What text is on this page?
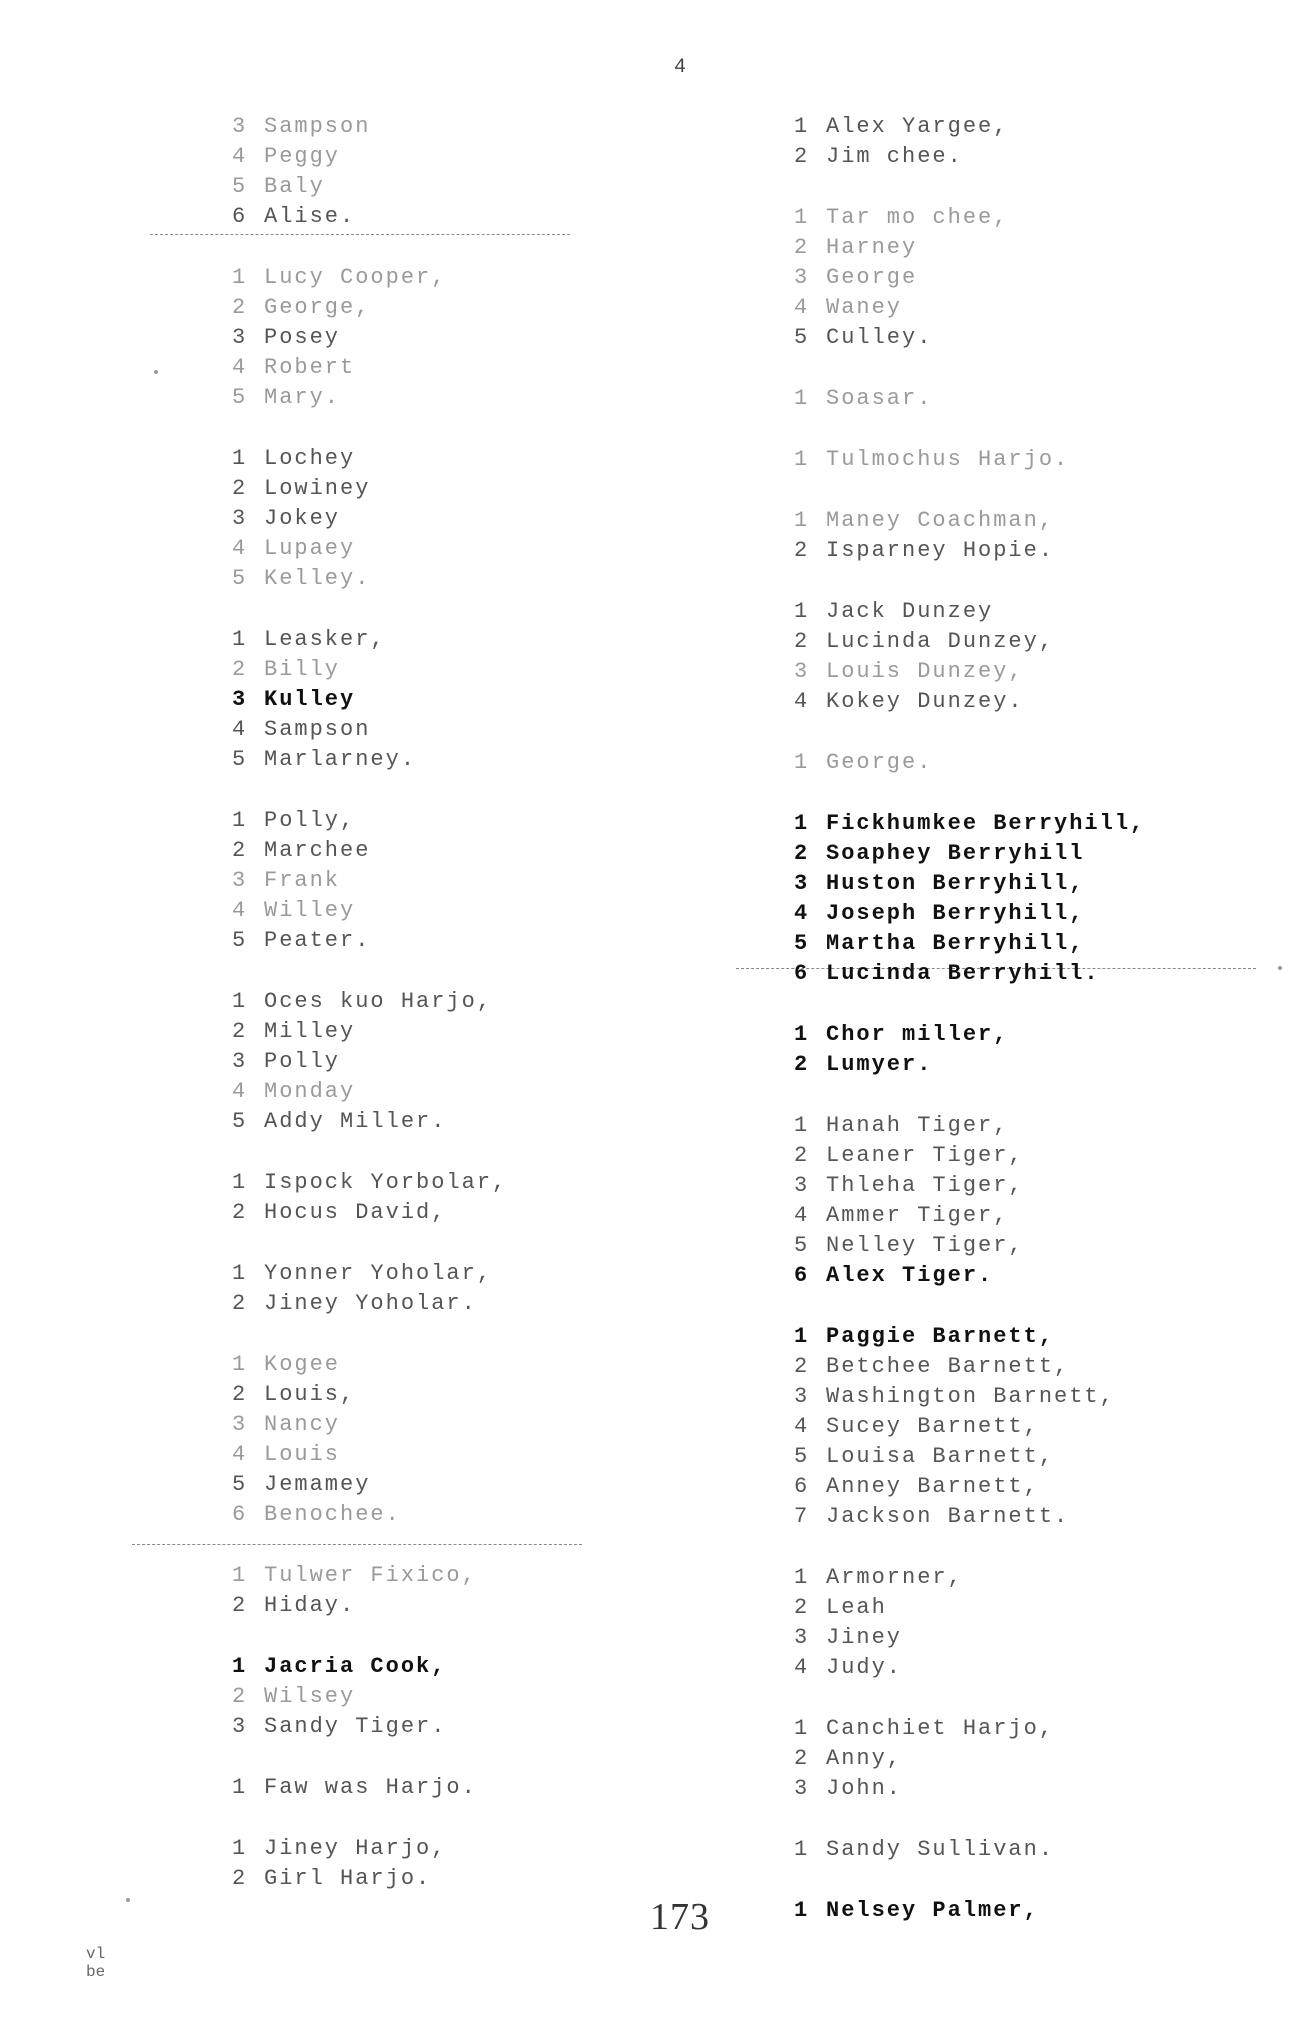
4
3 Sampson
4 Peggy
5 Baly
6 Alise.
1 Lucy Cooper,
2 George,
3 Posey
4 Robert
5 Mary.
1 Lochey
2 Lowiney
3 Jokey
4 Lupaey
5 Kelley.
1 Leasker,
2 Billy
3 Kulley
4 Sampson
5 Marlarney.
1 Polly,
2 Marchee
3 Frank
4 Willey
5 Peater.
1 Oces kuo Harjo,
2 Milley
3 Polly
4 Monday
5 Addy Miller.
1 Ispock Yorbolar,
2 Hocus David,
1 Yonner Yoholar,
2 Jiney Yoholar.
1 Kogee
2 Louis,
3 Nancy
4 Louis
5 Jemamey
6 Benochee.
1 Tulwer Fixico,
2 Hiday.
1 Jacria Cook,
2 Wilsey
3 Sandy Tiger.
1 Faw was Harjo.
1 Jiney Harjo,
2 Girl Harjo.
1 Alex Yargee,
2 Jim chee.
1 Tar mo chee,
2 Harney
3 George
4 Waney
5 Culley.
1 Soasar.
1 Tulmochus Harjo.
1 Maney Coachman,
2 Isparney Hopie.
1 Jack Dunzey
2 Lucinda Dunzey,
3 Louis Dunzey,
4 Kokey Dunzey.
1 George.
1 Fickhumkee Berryhill,
2 Soaphey Berryhill
3 Huston Berryhill,
4 Joseph Berryhill,
5 Martha Berryhill,
6 Lucinda Berryhill.
1 Chor miller,
2 Lumyer.
1 Hanah Tiger,
2 Leaner Tiger,
3 Thleha Tiger,
4 Ammer Tiger,
5 Nelley Tiger,
6 Alex Tiger.
1 Paggie Barnett,
2 Betchee Barnett,
3 Washington Barnett,
4 Sucey Barnett,
5 Louisa Barnett,
6 Anney Barnett,
7 Jackson Barnett.
1 Armorner,
2 Leah
3 Jiney
4 Judy.
1 Canchiet Harjo,
2 Anny,
3 John.
1 Sandy Sullivan.
1 Nelsey Palmer,
173
vl
be
